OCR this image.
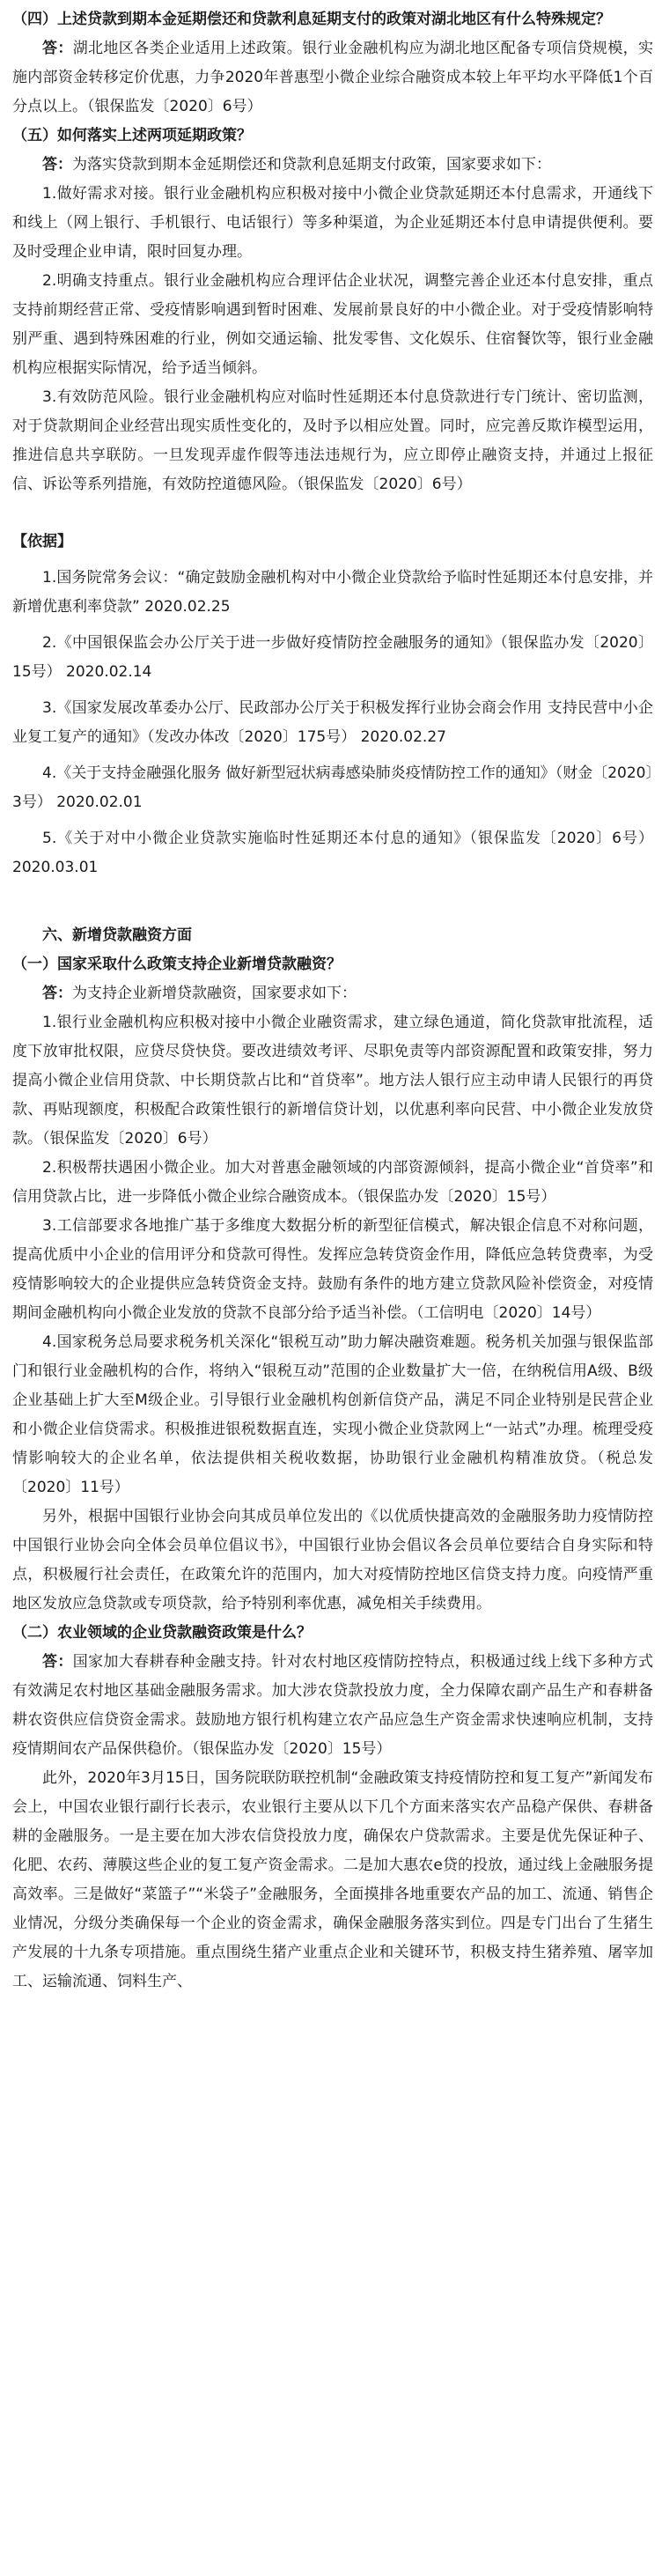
（四）上述贷款到期本金延期偿还和贷款利息延期支付的政策对湖北地区有什么特殊规定？

答：湖北地区各类企业适用上述政策。银行业金融机构应为湖北地区配备专项信贷规模，实施内部资金转移定价优惠，力争2020年普惠型小微企业综合融资成本较上年平均水平降低1个百分点以上。（银保监发〔2020〕6号）

（五）如何落实上述两项延期政策？

答：为落实贷款到期本金延期偿还和贷款利息延期支付政策，国家要求如下：

1.做好需求对接。银行业金融机构应积极对接中小微企业贷款延期还本付息需求，开通线下和线上（网上银行、手机银行、电话银行）等多种渠道，为企业延期还本付息申请提供便利。要及时受理企业申请，限时回复办理。

2.明确支持重点。银行业金融机构应合理评估企业状况，调整完善企业还本付息安排，重点支持前期经营正常、受疫情影响遇到暂时困难、发展前景良好的中小微企业。对于受疫情影响特别严重、遇到特殊困难的行业，例如交通运输、批发零售、文化娱乐、住宿餐饮等，银行业金融机构应根据实际情况，给予适当倾斜。

3.有效防范风险。银行业金融机构应对临时性延期还本付息贷款进行专门统计、密切监测，对于贷款期间企业经营出现实质性变化的，及时予以相应处置。同时，应完善反欺诈模型运用，推进信息共享联防。一旦发现弄虚作假等违法违规行为，应立即停止融资支持，并通过上报征信、诉讼等系列措施，有效防控道德风险。（银保监发〔2020〕6号）

【依据】

1.国务院常务会议：“确定鼓励金融机构对中小微企业贷款给予临时性延期还本付息安排，并新增优惠利率贷款” 2020.02.25

2.《中国银保监会办公厅关于进一步做好疫情防控金融服务的通知》（银保监办发〔2020〕15号） 2020.02.14

3.《国家发展改革委办公厅、民政部办公厅关于积极发挥行业协会商会作用 支持民营中小企业复工复产的通知》（发改办体改〔2020〕175号） 2020.02.27

4.《关于支持金融强化服务 做好新型冠状病毒感染肺炎疫情防控工作的通知》（财金〔2020〕3号） 2020.02.01

5.《关于对中小微企业贷款实施临时性延期还本付息的通知》（银保监发〔2020〕6号） 2020.03.01

六、新增贷款融资方面

（一）国家采取什么政策支持企业新增贷款融资？

答：为支持企业新增贷款融资，国家要求如下：

1.银行业金融机构应积极对接中小微企业融资需求，建立绿色通道，简化贷款审批流程，适度下放审批权限，应贷尽贷快贷。要改进绩效考评、尽职免责等内部资源配置和政策安排，努力提高小微企业信用贷款、中长期贷款占比和“首贷率”。地方法人银行应主动申请人民银行的再贷款、再贴现额度，积极配合政策性银行的新增信贷计划，以优惠利率向民营、中小微企业发放贷款。（银保监发〔2020〕6号）

2.积极帮扶遇困小微企业。加大对普惠金融领域的内部资源倾斜，提高小微企业“首贷率”和信用贷款占比，进一步降低小微企业综合融资成本。（银保监办发〔2020〕15号）

3.工信部要求各地推广基于多维度大数据分析的新型征信模式，解决银企信息不对称问题，提高优质中小企业的信用评分和贷款可得性。发挥应急转贷资金作用，降低应急转贷费率，为受疫情影响较大的企业提供应急转贷资金支持。鼓励有条件的地方建立贷款风险补偿资金，对疫情期间金融机构向小微企业发放的贷款不良部分给予适当补偿。（工信明电〔2020〕14号）

4.国家税务总局要求税务机关深化“银税互动”助力解决融资难题。税务机关加强与银保监部门和银行业金融机构的合作，将纳入“银税互动”范围的企业数量扩大一倍，在纳税信用A级、B级企业基础上扩大至M级企业。引导银行业金融机构创新信贷产品，满足不同企业特别是民营企业和小微企业信贷需求。积极推进银税数据直连，实现小微企业贷款网上“一站式”办理。梳理受疫情影响较大的企业名单，依法提供相关税收数据，协助银行业金融机构精准放贷。（税总发〔2020〕11号）

另外，根据中国银行业协会向其成员单位发出的《以优质快捷高效的金融服务助力疫情防控 中国银行业协会向全体会员单位倡议书》，中国银行业协会倡议各会员单位要结合自身实际和特点，积极履行社会责任，在政策允许的范围内，加大对疫情防控地区信贷支持力度。向疫情严重地区发放应急贷款或专项贷款，给予特别利率优惠，减免相关手续费用。

（二）农业领域的企业贷款融资政策是什么？

答：国家加大春耕春种金融支持。针对农村地区疫情防控特点，积极通过线上线下多种方式有效满足农村地区基础金融服务需求。加大涉农贷款投放力度，全力保障农副产品生产和春耕备耕农资供应信贷资金需求。鼓励地方银行机构建立农产品应急生产资金需求快速响应机制，支持疫情期间农产品保供稳价。（银保监办发〔2020〕15号）

此外，2020年3月15日，国务院联防联控机制“金融政策支持疫情防控和复工复产”新闻发布会上，中国农业银行副行长表示，农业银行主要从以下几个方面来落实农产品稳产保供、春耕备耕的金融服务。一是主要在加大涉农信贷投放力度，确保农户贷款需求。主要是优先保证种子、化肥、农药、薄膜这些企业的复工复产资金需求。二是加大惠农e贷的投放，通过线上金融服务提高效率。三是做好“菜篮子”“米袋子”金融服务，全面摸排各地重要农产品的加工、流通、销售企业情况，分级分类确保每一个企业的资金需求，确保金融服务落实到位。四是专门出台了生猪生产发展的十九条专项措施。重点围绕生猪产业重点企业和关键环节，积极支持生猪养殖、屠宰加工、运输流通、饲料生产、
